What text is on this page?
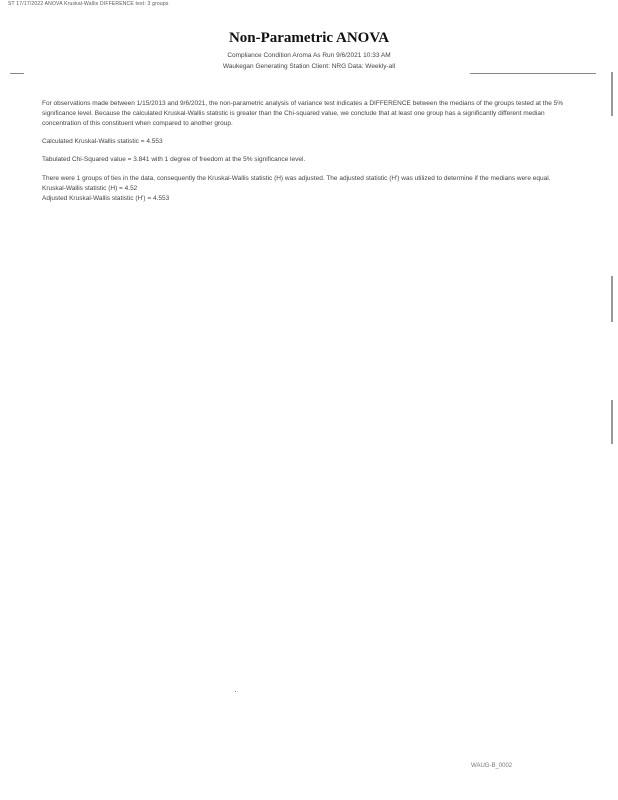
ST 17/17/2022 ANOVA Kruskal-Wallis DIFFERENCE test: 3 groups
Non-Parametric ANOVA
Compliance Condition Aroma As Run 9/6/2021 10:33 AM
Waukegan Generating Station Client: NRG Data: Weekly-all

For observations made between 1/15/2013 and 9/6/2021, the non-parametric analysis of variance test indicates a DIFFERENCE between the medians of the groups tested at the 5% significance level. Because the calculated Kruskal-Wallis statistic is greater than the Chi-squared value, we conclude that at least one group has a significantly different median concentration of this constituent when compared to another group.

Calculated Kruskal-Wallis statistic = 4.553

Tabulated Chi-Squared value = 3.841 with 1 degree of freedom at the 5% significance level.

There were 1 groups of ties in the data, consequently the Kruskal-Wallis statistic (H) was adjusted. The adjusted statistic (H') was utilized to determine if the medians were equal.

Kruskal-Wallis statistic (H) = 4.52

Adjusted Kruskal-Wallis statistic (H') = 4.553

WAUG-B_0002
